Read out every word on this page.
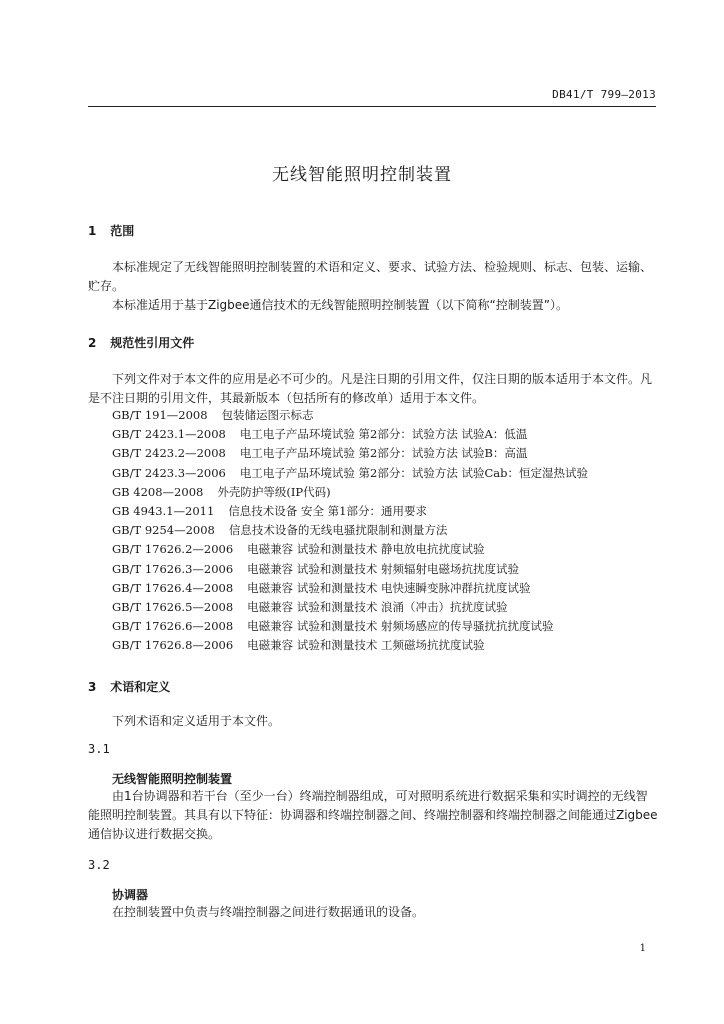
DB41/T 799—2013
无线智能照明控制装置
1 范围

本标准规定了无线智能照明控制装置的术语和定义、要求、试验方法、检验规则、标志、包装、运输、贮存。

本标准适用于基于Zigbee通信技术的无线智能照明控制装置（以下简称“控制装置”）。

2 规范性引用文件

下列文件对于本文件的应用是必不可少的。凡是注日期的引用文件，仅注日期的版本适用于本文件。凡是不注日期的引用文件，其最新版本（包括所有的修改单）适用于本文件。

GB/T 191—2008 包装储运图示标志
GB/T 2423.1—2008 电工电子产品环境试验 第2部分：试验方法 试验A：低温
GB/T 2423.2—2008 电工电子产品环境试验 第2部分：试验方法 试验B：高温
GB/T 2423.3—2006 电工电子产品环境试验 第2部分：试验方法 试验Cab：恒定湿热试验
GB 4208—2008 外壳防护等级(IP代码)
GB 4943.1—2011 信息技术设备 安全 第1部分：通用要求
GB/T 9254—2008 信息技术设备的无线电骚扰限制和测量方法
GB/T 17626.2—2006 电磁兼容 试验和测量技术 静电放电抗扰度试验
GB/T 17626.3—2006 电磁兼容 试验和测量技术 射频辐射电磁场抗扰度试验
GB/T 17626.4—2008 电磁兼容 试验和测量技术 电快速瞬变脉冲群抗扰度试验
GB/T 17626.5—2008 电磁兼容 试验和测量技术 浪涌（冲击）抗扰度试验
GB/T 17626.6—2008 电磁兼容 试验和测量技术 射频场感应的传导骚扰抗扰度试验
GB/T 17626.8—2006 电磁兼容 试验和测量技术 工频磁场抗扰度试验
3 术语和定义

下列术语和定义适用于本文件。

3.1
无线智能照明控制装置

由1台协调器和若干台（至少一台）终端控制器组成，可对照明系统进行数据采集和实时调控的无线智能照明控制装置。其具有以下特征：协调器和终端控制器之间、终端控制器和终端控制器之间能通过Zigbee通信协议进行数据交换。

3.2
协调器

在控制装置中负责与终端控制器之间进行数据通讯的设备。

1
